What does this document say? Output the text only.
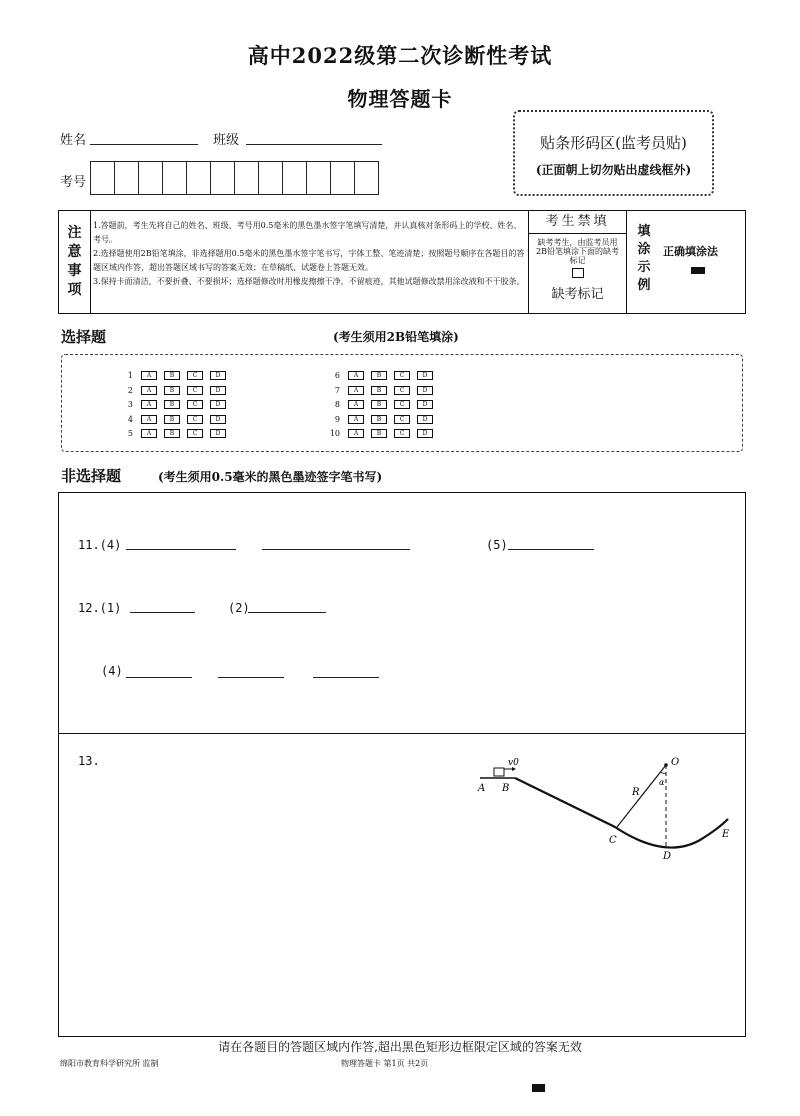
高中2022级第二次诊断性考试
物理答题卡
姓名	班级
考号
贴条形码区(监考员贴)
(正面朝上切勿贴出虚线框外)
注
意
事
项
1.答题前，考生先将自己的姓名、班级、考号用0.5毫米的黑色墨水签字笔填写清楚，并认真核对条形码上的学校、姓名、考号。
2.选择题使用2B铅笔填涂，非选择题用0.5毫米的黑色墨水签字笔书写，字体工整、笔迹清楚；按照题号顺序在各题目的答题区域内作答，超出答题区域书写的答案无效；在草稿纸、试题卷上答题无效。
3.保持卡面清洁，不要折叠、不要损坏；选择题修改时用橡皮擦擦干净，不留痕迹，其他试题修改禁用涂改液和不干胶条。
考生禁填
缺考考生，由监考员用2B铅笔填涂下面的缺考标记
缺考标记
填
涂
示
例
正确填涂法
选择题	(考生须用2B铅笔填涂)
1	A	B	C	D
2	A	B	C	D
3	A	B	C	D
4	A	B	C	D
5	A	B	C	D
6	A	B	C	D
7	A	B	C	D
8	A	B	C	D
9	A	B	C	D
10	A	B	C	D
非选择题	(考生须用0.5毫米的黑色墨迹签字笔书写)
11.(4)	(5)
12.(1)	(2)
(4)
13.	v0
A B
C
D
E
O
R
α
请在各题目的答题区域内作答,超出黑色矩形边框限定区域的答案无效
绵阳市教育科学研究所 监制	物理答题卡 第1页 共2页
